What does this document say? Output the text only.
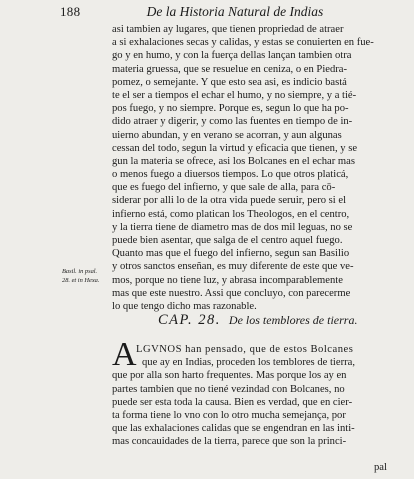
188	De la Historia Natural de Indias
asi tambien ay lugares, que tienen propriedad de atraer
a si exhalaciones secas y calidas, y estas se conuierten en fue-
go y en humo, y con la fuerça dellas lançan tambien otra
materia gruessa, que se resuelue en ceniza, o en Piedra-
pomez, o semejante. Y que esto sea asi, es indicio bastá
te el ser a tiempos el echar el humo, y no siempre, y a tié-
pos fuego, y no siempre. Porque es, segun lo que ha po-
dido atraer y digerir, y como las fuentes en tiempo de in-
uierno abundan, y en verano se acorran, y aun algunas
cessan del todo, segun la virtud y eficacia que tienen, y se
gun la materia se ofrece, asi los Bolcanes en el echar mas
o menos fuego a diuersos tiempos. Lo que otros platicá,
que es fuego del infierno, y que sale de alla, para cō-
siderar por alli lo de la otra vida puede seruir, pero si el
infierno está, como platican los Theologos, en el centro,
y la tierra tiene de diametro mas de dos mil leguas, no se
puede bien asentar, que salga de el centro aquel fuego.
Quanto mas que el fuego del infierno, segun san Basilio
y otros sanctos enseñan, es muy diferente de este que ve-
mos, porque no tiene luz, y abrasa incomparablemente
mas que este nuestro. Assi que concluyo, con parecerme
lo que tengo dicho mas razonable.
Basil. in psal.
28. et in Hexa.
CAP. 28. De los temblores de tierra.
A LGVNOS han pensado, que de estos Bolcanes
que ay en Indias, proceden los temblores de tierra,
que por alla son harto frequentes. Mas porque los ay en
partes tambien que no tiené vezindad con Bolcanes, no
puede ser esta toda la causa. Bien es verdad, que en cier-
ta forma tiene lo vno con lo otro mucha semejança, por
que las exhalaciones calidas que se engendran en las inti-
mas concauidades de la tierra, parece que son la princi-
pal
